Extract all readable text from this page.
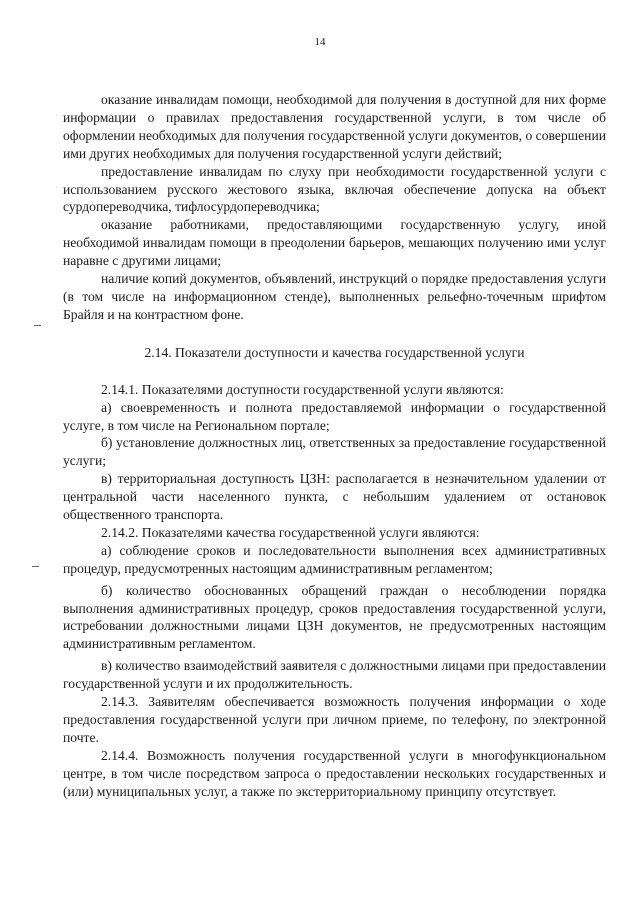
14

оказание инвалидам помощи, необходимой для получения в доступной для них форме информации о правилах предоставления государственной услуги, в том числе об оформлении необходимых для получения государственной услуги документов, о совершении ими других необходимых для получения государственной услуги действий;

предоставление инвалидам по слуху при необходимости государственной услуги с использованием русского жестового языка, включая обеспечение допуска на объект сурдопереводчика, тифлосурдопереводчика;

оказание работниками, предоставляющими государственную услугу, иной необходимой инвалидам помощи в преодолении барьеров, мешающих получению ими услуг наравне с другими лицами;

наличие копий документов, объявлений, инструкций о порядке предоставления услуги (в том числе на информационном стенде), выполненных рельефно-точечным шрифтом Брайля и на контрастном фоне.

2.14. Показатели доступности и качества государственной услуги

2.14.1. Показателями доступности государственной услуги являются:

а) своевременность и полнота предоставляемой информации о государственной услуге, в том числе на Региональном портале;

б) установление должностных лиц, ответственных за предоставление государственной услуги;

в) территориальная доступность ЦЗН: располагается в незначительном удалении от центральной части населенного пункта, с небольшим удалением от остановок общественного транспорта.

2.14.2. Показателями качества государственной услуги являются:

а) соблюдение сроков и последовательности выполнения всех административных процедур, предусмотренных настоящим административным регламентом;

б) количество обоснованных обращений граждан о несоблюдении порядка выполнения административных процедур, сроков предоставления государственной услуги, истребовании должностными лицами ЦЗН документов, не предусмотренных настоящим административным регламентом.

в) количество взаимодействий заявителя с должностными лицами при предоставлении государственной услуги и их продолжительность.

2.14.3. Заявителям обеспечивается возможность получения информации о ходе предоставления государственной услуги при личном приеме, по телефону, по электронной почте.

2.14.4. Возможность получения государственной услуги в многофункциональном центре, в том числе посредством запроса о предоставлении нескольких государственных и (или) муниципальных услуг, а также по экстерриториальному принципу отсутствует.
